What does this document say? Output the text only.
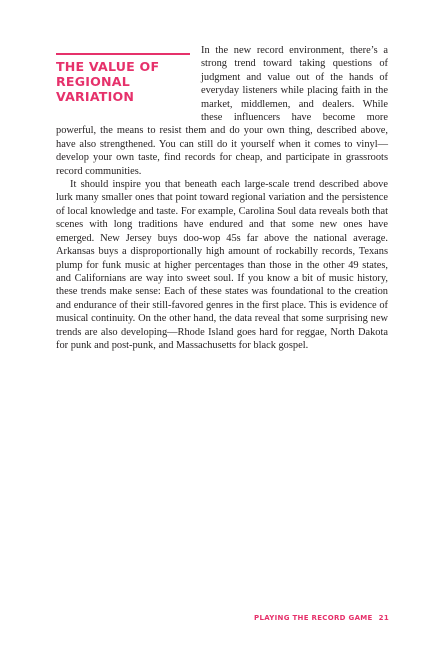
THE VALUE OF
REGIONAL VARIATION

In the new record environment, there’s a strong trend toward taking questions of judgment and value out of the hands of everyday listeners while placing faith in the market, middlemen, and dealers. While these influencers have become more powerful, the means to resist them and do your own thing, described above, have also strengthened. You can still do it yourself when it comes to vinyl—develop your own taste, find records for cheap, and participate in grassroots record communities.

It should inspire you that beneath each large-scale trend described above lurk many smaller ones that point toward regional variation and the persistence of local knowledge and taste. For example, Carolina Soul data reveals both that scenes with long traditions have endured and that some new ones have emerged. New Jersey buys doo-wop 45s far above the national average. Arkansas buys a disproportionally high amount of rockabilly records, Texans plump for funk music at higher percentages than those in the other 49 states, and Californians are way into sweet soul. If you know a bit of music history, these trends make sense: Each of these states was foundational to the creation and endurance of their still-favored genres in the first place. This is evidence of musical continuity. On the other hand, the data reveal that some surprising new trends are also developing—Rhode Island goes hard for reggae, North Dakota for punk and post-punk, and Massachusetts for black gospel.

PLAYING THE RECORD GAME 21
